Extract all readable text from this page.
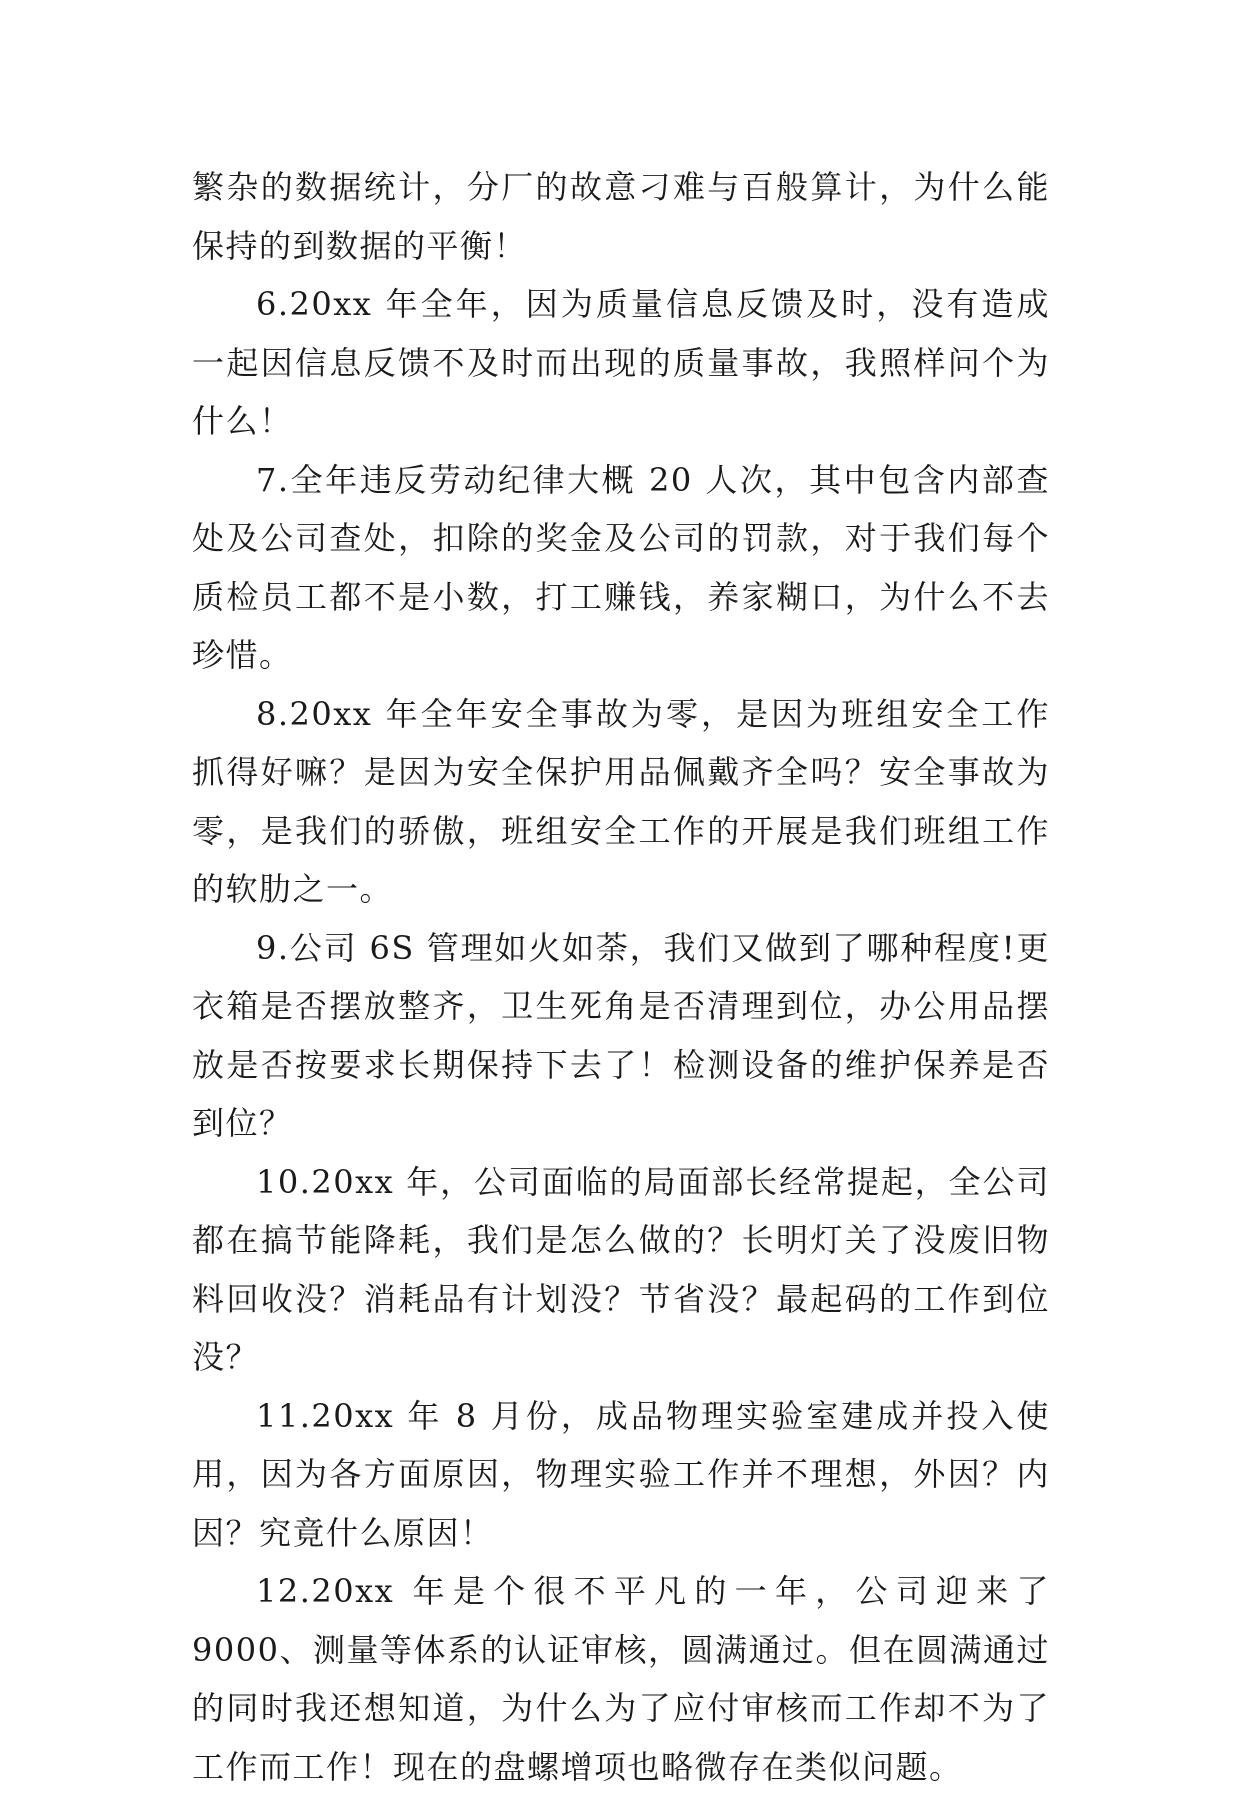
繁杂的数据统计，分厂的故意刁难与百般算计，为什么能保持的到数据的平衡！

6.20xx 年全年，因为质量信息反馈及时，没有造成一起因信息反馈不及时而出现的质量事故，我照样问个为什么！

7.全年违反劳动纪律大概 20 人次，其中包含内部查处及公司查处，扣除的奖金及公司的罚款，对于我们每个质检员工都不是小数，打工赚钱，养家糊口，为什么不去珍惜。

8.20xx 年全年安全事故为零，是因为班组安全工作抓得好嘛？是因为安全保护用品佩戴齐全吗？安全事故为零，是我们的骄傲，班组安全工作的开展是我们班组工作的软肋之一。

9.公司 6S 管理如火如荼，我们又做到了哪种程度!更衣箱是否摆放整齐，卫生死角是否清理到位，办公用品摆放是否按要求长期保持下去了！检测设备的维护保养是否到位？

10.20xx 年，公司面临的局面部长经常提起，全公司都在搞节能降耗，我们是怎么做的？长明灯关了没废旧物料回收没？消耗品有计划没？节省没？最起码的工作到位没？

11.20xx 年 8 月份，成品物理实验室建成并投入使用，因为各方面原因，物理实验工作并不理想，外因？内因？究竟什么原因！

12.20xx 年是个很不平凡的一年，公司迎来了 9000、测量等体系的认证审核，圆满通过。但在圆满通过的同时我还想知道，为什么为了应付审核而工作却不为了工作而工作！现在的盘螺增项也略微存在类似问题。
